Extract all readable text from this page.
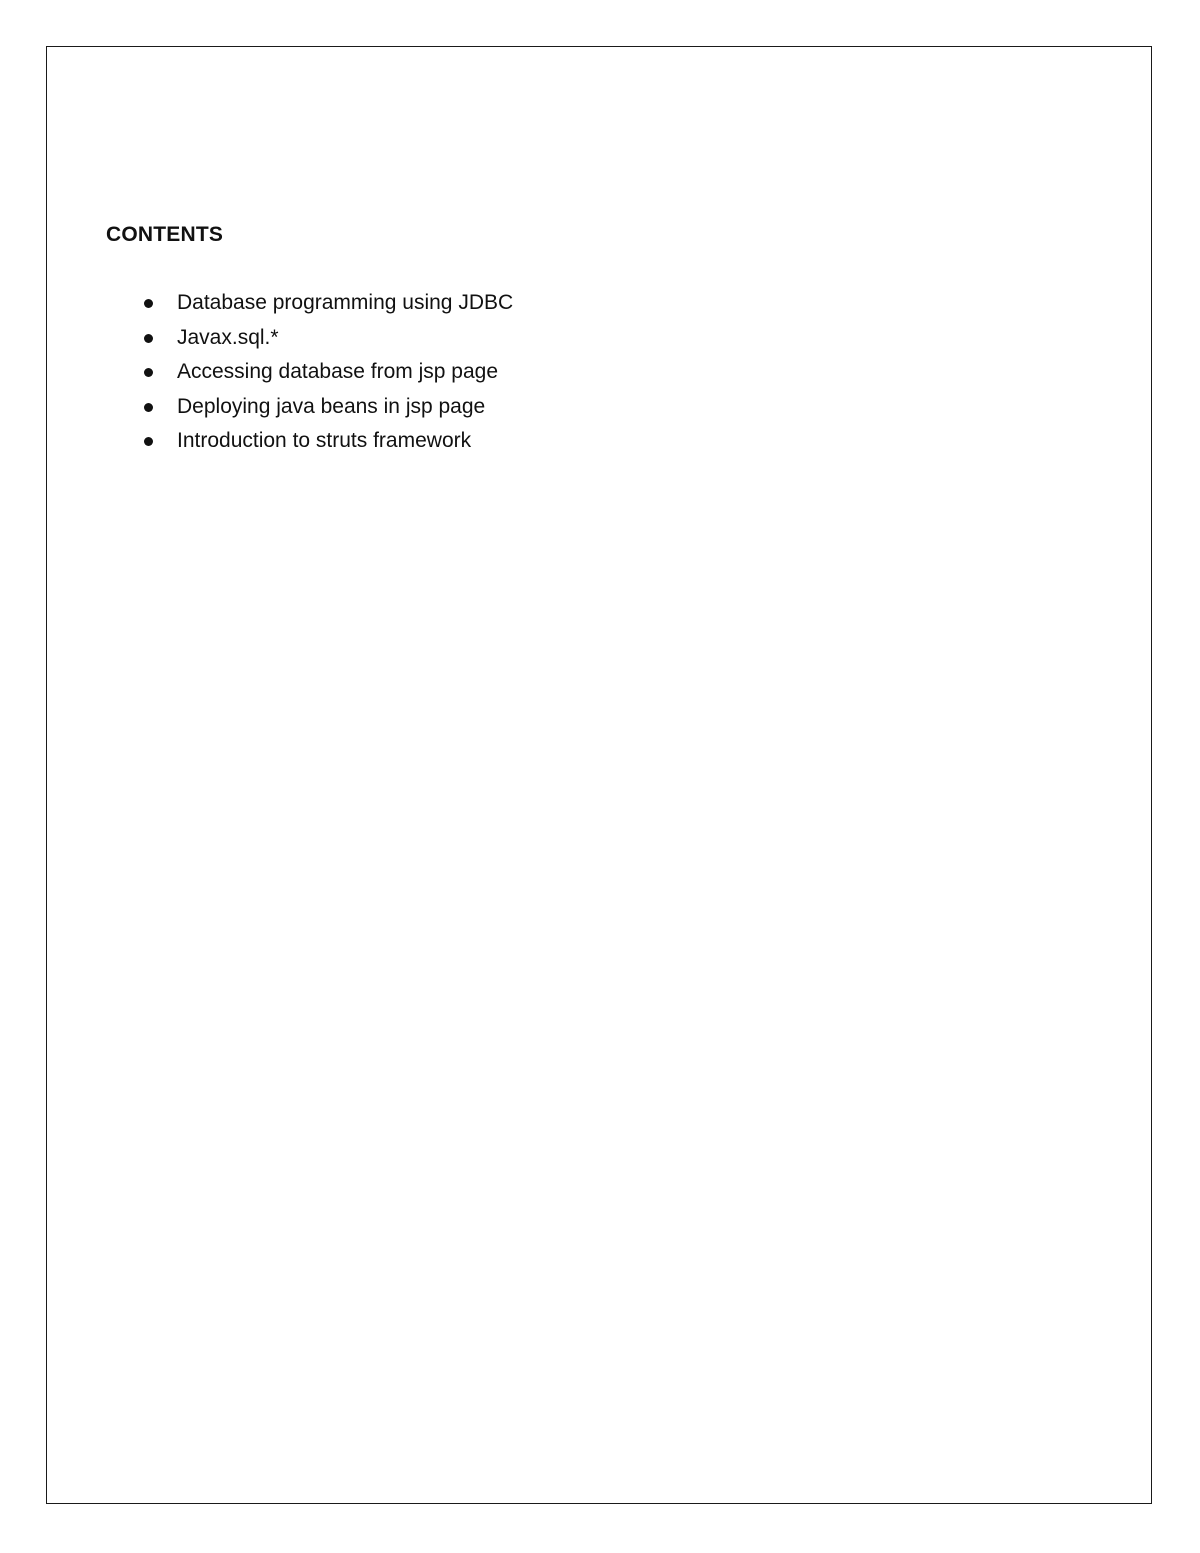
CONTENTS
Database programming using JDBC
Javax.sql.*
Accessing database from jsp page
Deploying java beans in jsp page
Introduction to struts framework
